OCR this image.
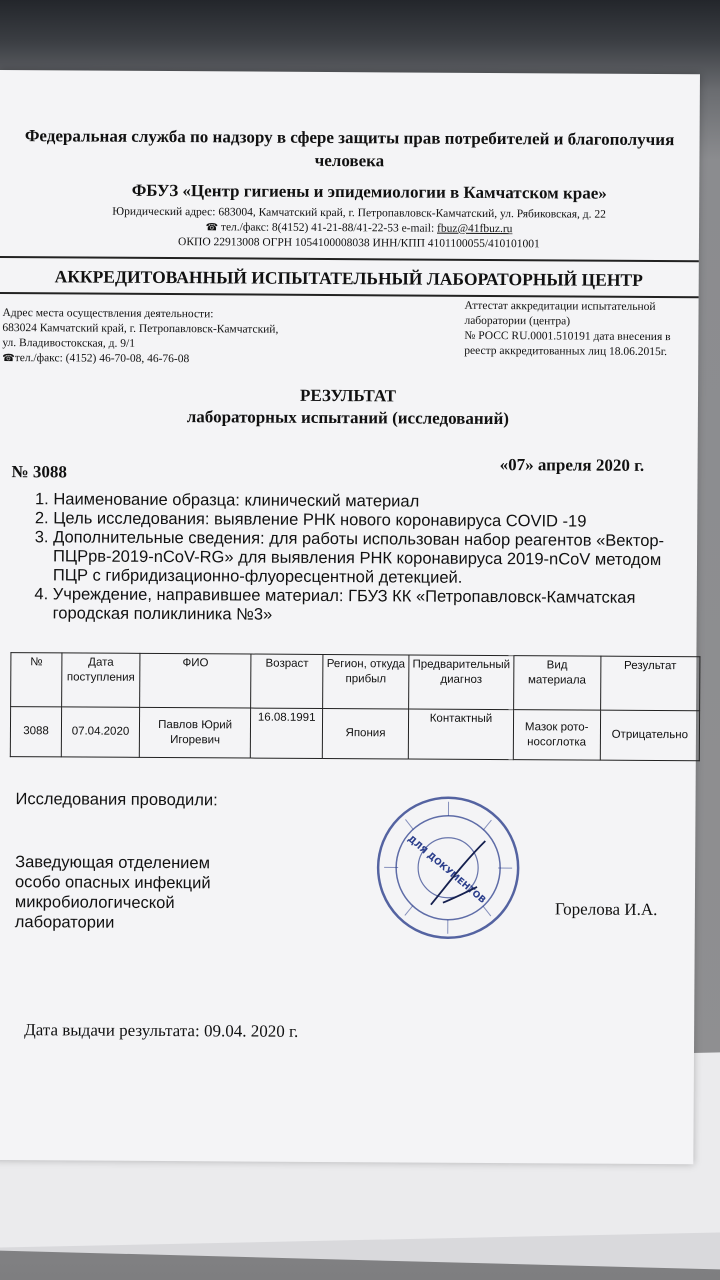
Федеральная служба по надзору в сфере защиты прав потребителей и благополучия человека
ФБУЗ «Центр гигиены и эпидемиологии в Камчатском крае»
Юридический адрес: 683004, Камчатский край, г. Петропавловск-Камчатский, ул. Рябиковская, д. 22
☎ тел./факс: 8(4152) 41-21-88/41-22-53 e-mail: fbuz@41fbuz.ru
ОКПО 22913008 ОГРН 1054100008038 ИНН/КПП 4101100055/410101001
АККРЕДИТОВАННЫЙ ИСПЫТАТЕЛЬНЫЙ ЛАБОРАТОРНЫЙ ЦЕНТР
Адрес места осуществления деятельности:
683024 Камчатский край, г. Петропавловск-Камчатский,
ул. Владивостокская, д. 9/1
☎тел./факс: (4152) 46-70-08, 46-76-08
Аттестат аккредитации испытательной
лаборатории (центра)
№ РОСС RU.0001.510191 дата внесения в
реестр аккредитованных лиц 18.06.2015г.
РЕЗУЛЬТАТ
лабораторных испытаний (исследований)
№ 3088	«07» апреля 2020 г.
1. Наименование образца: клинический материал
2. Цель исследования: выявление РНК нового коронавируса COVID -19
3. Дополнительные сведения: для работы использован набор реагентов «Вектор-ПЦРрв-2019-nCoV-RG» для выявления РНК коронавируса 2019-nCoV методом ПЦР с гибридизационно-флуоресцентной детекцией.
4. Учреждение, направившее материал: ГБУЗ КК «Петропавловск-Камчатская городская поликлиника №3»
№	Дата поступления	ФИО	Возраст	Регион, откуда прибыл	Предварительный диагноз	Вид материала	Результат
3088	07.04.2020	Павлов Юрий Игоревич	16.08.1991	Япония	Контактный	Мазок рото-носоглотка	Отрицательно
Исследования проводили:
Заведующая отделением особо опасных инфекций микробиологической лаборатории
ДЛЯ ДОКУМЕНТОВ
Горелова И.А.
Дата выдачи результата: 09.04. 2020 г.
